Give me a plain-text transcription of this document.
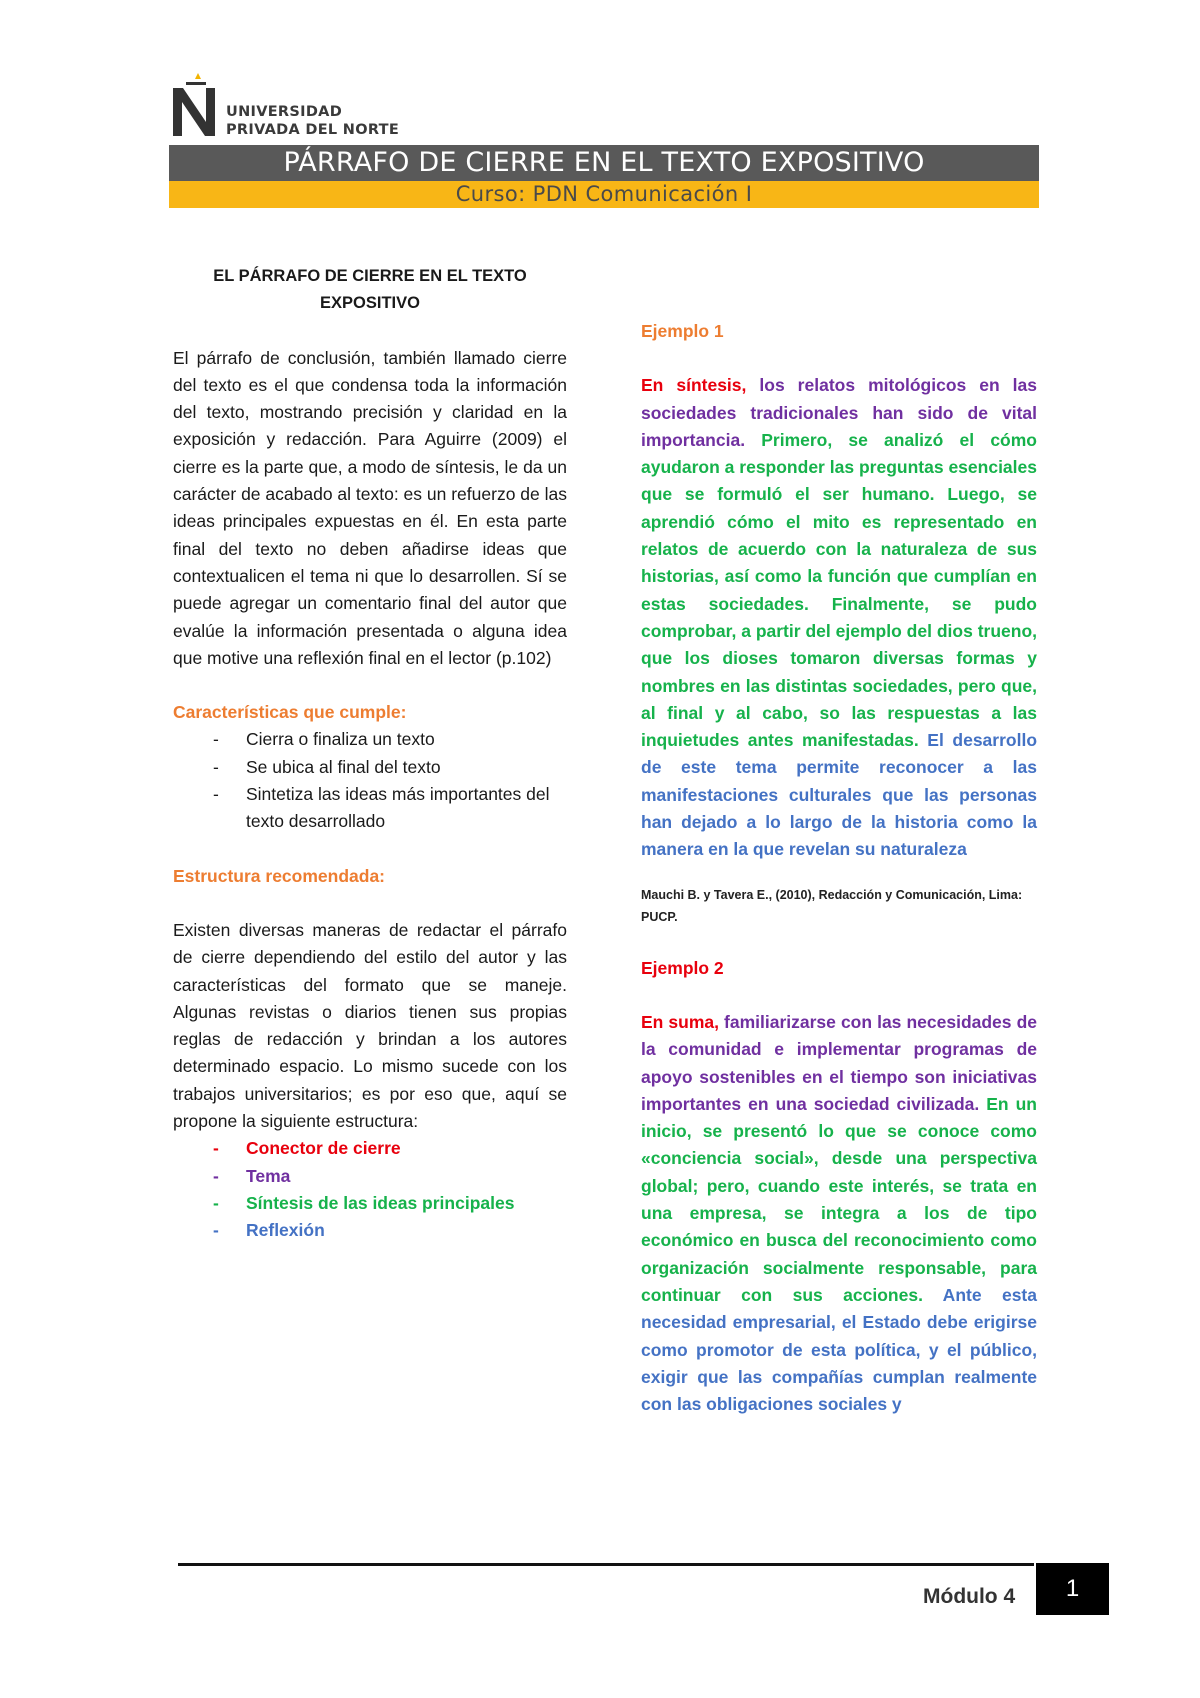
UNIVERSIDAD
PRIVADA DEL NORTE
PÁRRAFO DE CIERRE EN EL TEXTO EXPOSITIVO
Curso: PDN Comunicación I
EL PÁRRAFO DE CIERRE EN EL TEXTO
EXPOSITIVO

El párrafo de conclusión, también llamado cierre del texto es el que condensa toda la información del texto, mostrando precisión y claridad en la exposición y redacción. Para Aguirre (2009) el cierre es la parte que, a modo de síntesis, le da un carácter de acabado al texto: es un refuerzo de las ideas principales expuestas en él. En esta parte final del texto no deben añadirse ideas que contextualicen el tema ni que lo desarrollen. Sí se puede agregar un comentario final del autor que evalúe la información presentada o alguna idea que motive una reflexión final en el lector (p.102)

Características que cumple:
- Cierra o finaliza un texto
- Se ubica al final del texto
- Sintetiza las ideas más importantes del texto desarrollado
Estructura recomendada:

Existen diversas maneras de redactar el párrafo de cierre dependiendo del estilo del autor y las características del formato que se maneje. Algunas revistas o diarios tienen sus propias reglas de redacción y brindan a los autores determinado espacio. Lo mismo sucede con los trabajos universitarios; es por eso que, aquí se propone la siguiente estructura:

- Conector de cierre
- Tema
- Síntesis de las ideas principales
- Reflexión
Ejemplo 1

En síntesis, los relatos mitológicos en las sociedades tradicionales han sido de vital importancia. Primero, se analizó el cómo ayudaron a responder las preguntas esenciales que se formuló el ser humano. Luego, se aprendió cómo el mito es representado en relatos de acuerdo con la naturaleza de sus historias, así como la función que cumplían en estas sociedades. Finalmente, se pudo comprobar, a partir del ejemplo del dios trueno, que los dioses tomaron diversas formas y nombres en las distintas sociedades, pero que, al final y al cabo, so las respuestas a las inquietudes antes manifestadas. El desarrollo de este tema permite reconocer a las manifestaciones culturales que las personas han dejado a lo largo de la historia como la manera en la que revelan su naturaleza

Mauchi B. y Tavera E., (2010), Redacción y Comunicación, Lima: PUCP.
Ejemplo 2

En suma, familiarizarse con las necesidades de la comunidad e implementar programas de apoyo sostenibles en el tiempo son iniciativas importantes en una sociedad civilizada. En un inicio, se presentó lo que se conoce como «conciencia social», desde una perspectiva global; pero, cuando este interés, se trata en una empresa, se integra a los de tipo económico en busca del reconocimiento como organización socialmente responsable, para continuar con sus acciones. Ante esta necesidad empresarial, el Estado debe erigirse como promotor de esta política, y el público, exigir que las compañías cumplan realmente con las obligaciones sociales y

Módulo 4	1
